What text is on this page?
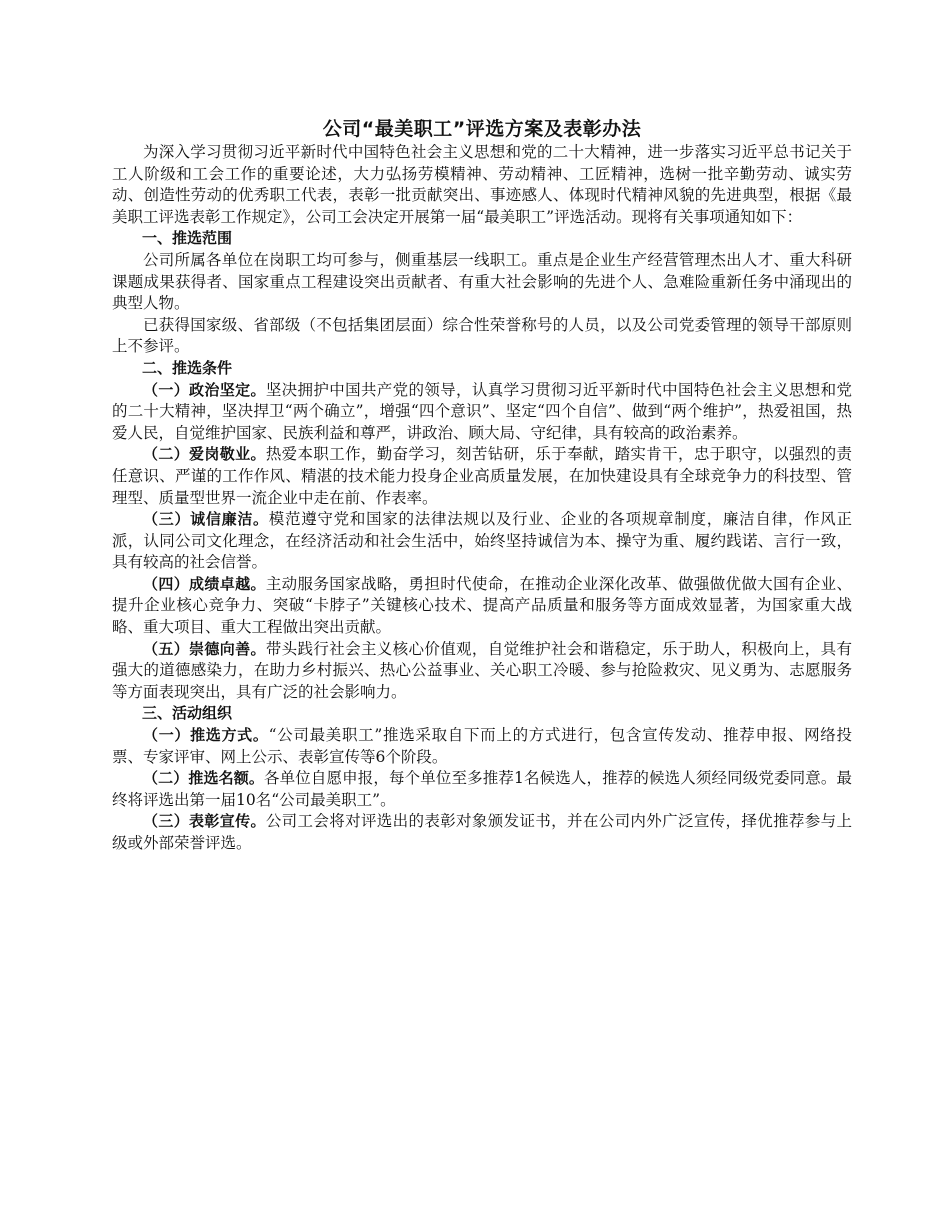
公司“最美职工”评选方案及表彰办法

为深入学习贯彻习近平新时代中国特色社会主义思想和党的二十大精神，进一步落实习近平总书记关于工人阶级和工会工作的重要论述，大力弘扬劳模精神、劳动精神、工匠精神，选树一批辛勤劳动、诚实劳动、创造性劳动的优秀职工代表，表彰一批贡献突出、事迹感人、体现时代精神风貌的先进典型，根据《最美职工评选表彰工作规定》，公司工会决定开展第一届“最美职工”评选活动。现将有关事项通知如下：

一、推选范围

公司所属各单位在岗职工均可参与，侧重基层一线职工。重点是企业生产经营管理杰出人才、重大科研课题成果获得者、国家重点工程建设突出贡献者、有重大社会影响的先进个人、急难险重新任务中涌现出的典型人物。

已获得国家级、省部级（不包括集团层面）综合性荣誉称号的人员，以及公司党委管理的领导干部原则上不参评。

二、推选条件

（一）政治坚定。坚决拥护中国共产党的领导，认真学习贯彻习近平新时代中国特色社会主义思想和党的二十大精神，坚决捍卫“两个确立”，增强“四个意识”、坚定“四个自信”、做到“两个维护”，热爱祖国，热爱人民，自觉维护国家、民族利益和尊严，讲政治、顾大局、守纪律，具有较高的政治素养。

（二）爱岗敬业。热爱本职工作，勤奋学习，刻苦钻研，乐于奉献，踏实肯干，忠于职守，以强烈的责任意识、严谨的工作作风、精湛的技术能力投身企业高质量发展，在加快建设具有全球竞争力的科技型、管理型、质量型世界一流企业中走在前、作表率。

（三）诚信廉洁。模范遵守党和国家的法律法规以及行业、企业的各项规章制度，廉洁自律，作风正派，认同公司文化理念，在经济活动和社会生活中，始终坚持诚信为本、操守为重、履约践诺、言行一致，具有较高的社会信誉。

（四）成绩卓越。主动服务国家战略，勇担时代使命，在推动企业深化改革、做强做优做大国有企业、提升企业核心竞争力、突破“卡脖子”关键核心技术、提高产品质量和服务等方面成效显著，为国家重大战略、重大项目、重大工程做出突出贡献。

（五）崇德向善。带头践行社会主义核心价值观，自觉维护社会和谐稳定，乐于助人，积极向上，具有强大的道德感染力，在助力乡村振兴、热心公益事业、关心职工冷暖、参与抢险救灾、见义勇为、志愿服务等方面表现突出，具有广泛的社会影响力。

三、活动组织

（一）推选方式。“公司最美职工”推选采取自下而上的方式进行，包含宣传发动、推荐申报、网络投票、专家评审、网上公示、表彰宣传等6个阶段。

（二）推选名额。各单位自愿申报，每个单位至多推荐1名候选人，推荐的候选人须经同级党委同意。最终将评选出第一届10名“公司最美职工”。

（三）表彰宣传。公司工会将对评选出的表彰对象颁发证书，并在公司内外广泛宣传，择优推荐参与上级或外部荣誉评选。
